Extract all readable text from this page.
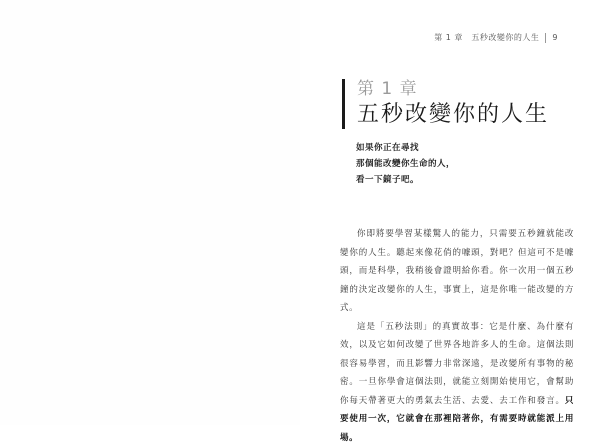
第 1 章　五秒改變你的人生 9
第 1 章
五秒改變你的人生
如果你正在尋找
那個能改變你生命的人，
看一下鏡子吧。

你即將要學習某樣驚人的能力，只需要五秒鐘就能改變你的人生。聽起來像花俏的噱頭，對吧？但這可不是噱頭，而是科學，我稍後會證明給你看。你一次用一個五秒鐘的決定改變你的人生，事實上，這是你唯一能改變的方式。

這是「五秒法則」的真實故事：它是什麼、為什麼有效，以及它如何改變了世界各地許多人的生命。這個法則很容易學習，而且影響力非常深遠，是改變所有事物的秘密。一旦你學會這個法則，就能立刻開始使用它，會幫助你每天帶著更大的勇氣去生活、去愛、去工作和發言。只要使用一次，它就會在那裡陪著你，有需要時就能派上用場。
